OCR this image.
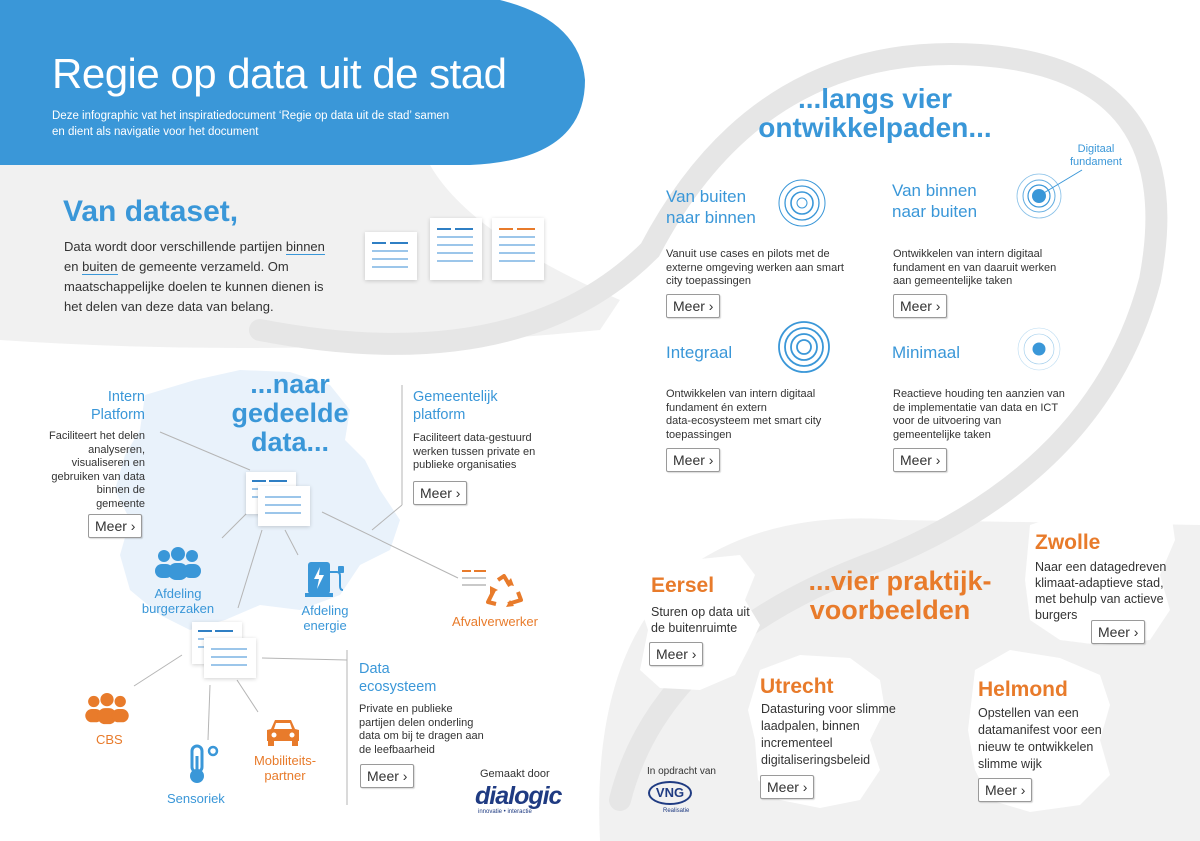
Regie op data uit de stad
Deze infographic vat het inspiratiedocument ‘Regie op data uit de stad’ samen
en dient als navigatie voor het document
Van dataset,
Data wordt door verschillende partijen binnen
en buiten de gemeente verzameld. Om
maatschappelijke doelen te kunnen dienen is
het delen van deze data van belang.
...naar
gedeelde
data...
Intern
Platform
Faciliteert het delen
analyseren,
visualiseren en
gebruiken van data
binnen de
gemeente
Meer ›
Gemeentelijk
platform
Faciliteert data-gestuurd
werken tussen private en
publieke organisaties
Meer ›
Afdeling
burgerzaken	Afdeling
energie	Afvalverwerker
CBS
Sensoriek
Mobiliteits-
partner
Data
ecosysteem
Private en publieke
partijen delen onderling
data om bij te dragen aan
de leefbaarheid
Meer ›	Gemaakt door
dialogic
innovatie • interactie
...langs vier
ontwikkelpaden...
Digitaal
fundament
Van buiten
naar binnen
Vanuit use cases en pilots met de
externe omgeving werken aan smart
city toepassingen
Meer ›
Van binnen
naar buiten
Ontwikkelen van intern digitaal
fundament en van daaruit werken
aan gemeentelijke taken
Meer ›
Integraal
Ontwikkelen van intern digitaal
fundament én extern
data-ecosysteem met smart city
toepassingen
Meer ›
Minimaal
Reactieve houding ten aanzien van
de implementatie van data en ICT
voor de uitvoering van
gemeentelijke taken
Meer ›
...vier praktijk-
voorbeelden
Eersel
Sturen op data uit
de buitenruimte
Meer ›
Zwolle
Naar een datagedreven
klimaat-adaptieve stad,
met behulp van actieve
burgers
Meer ›
Utrecht
Datasturing voor slimme
laadpalen, binnen
incrementeel
digitaliseringsbeleid
Meer ›
Helmond
Opstellen van een
datamanifest voor een
nieuw te ontwikkelen
slimme wijk
Meer ›
In opdracht van
VNG
Realisatie
